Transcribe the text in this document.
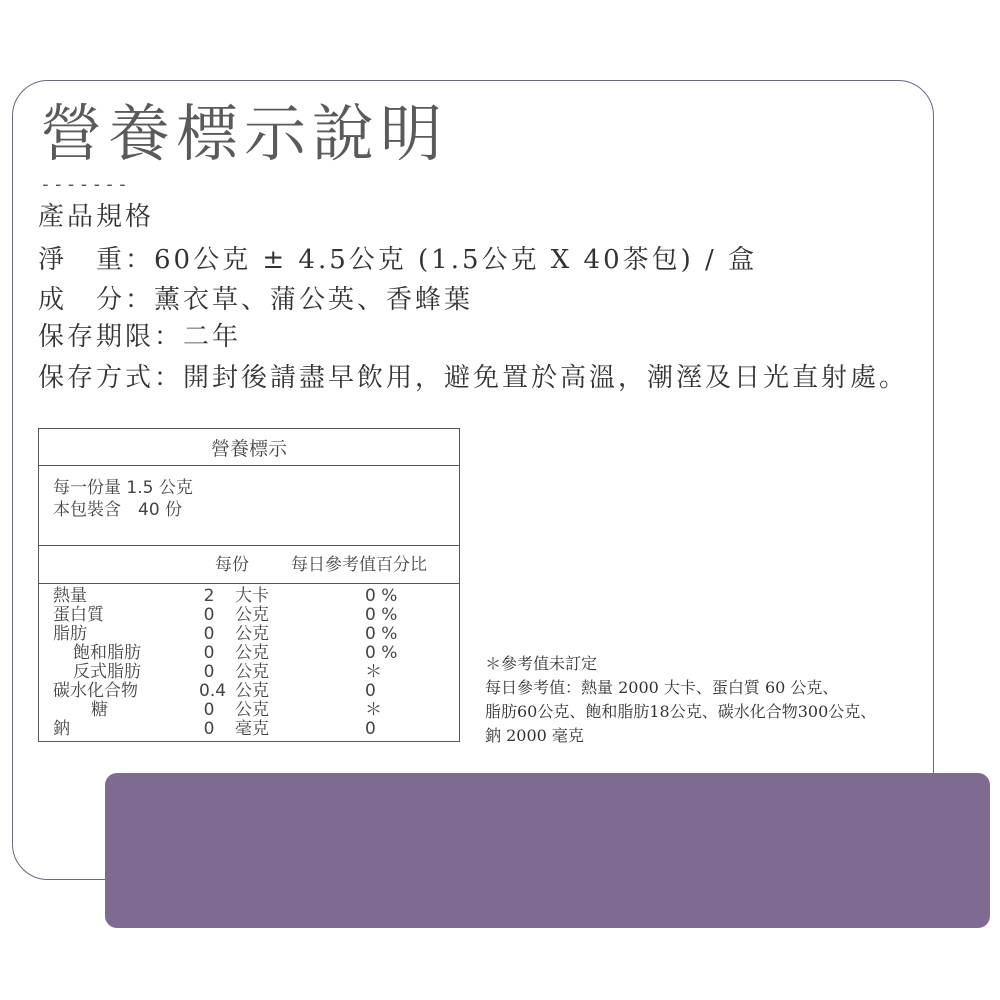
營養標示說明
-------
產品規格
淨　重：60公克 ± 4.5公克 (1.5公克 X 40茶包) / 盒
成　分：薰衣草、蒲公英、香蜂葉
保存期限：二年
保存方式：開封後請盡早飲用，避免置於高溫，潮溼及日光直射處。
營養標示
每一份量 1.5 公克
本包裝含　40 份
每份 每日參考值百分比
熱量	2 大卡	0 %
蛋白質	0 公克	0 %
脂肪	0 公克	0 %
飽和脂肪	0 公克	0 %
反式脂肪	0 公克	＊
碳水化合物	0.4 公克	0
糖	0 公克	＊
鈉	0 毫克	0
＊參考值未訂定
每日參考值：熱量 2000 大卡、蛋白質 60 公克、
脂肪60公克、飽和脂肪18公克、碳水化合物300公克、
鈉 2000 毫克
